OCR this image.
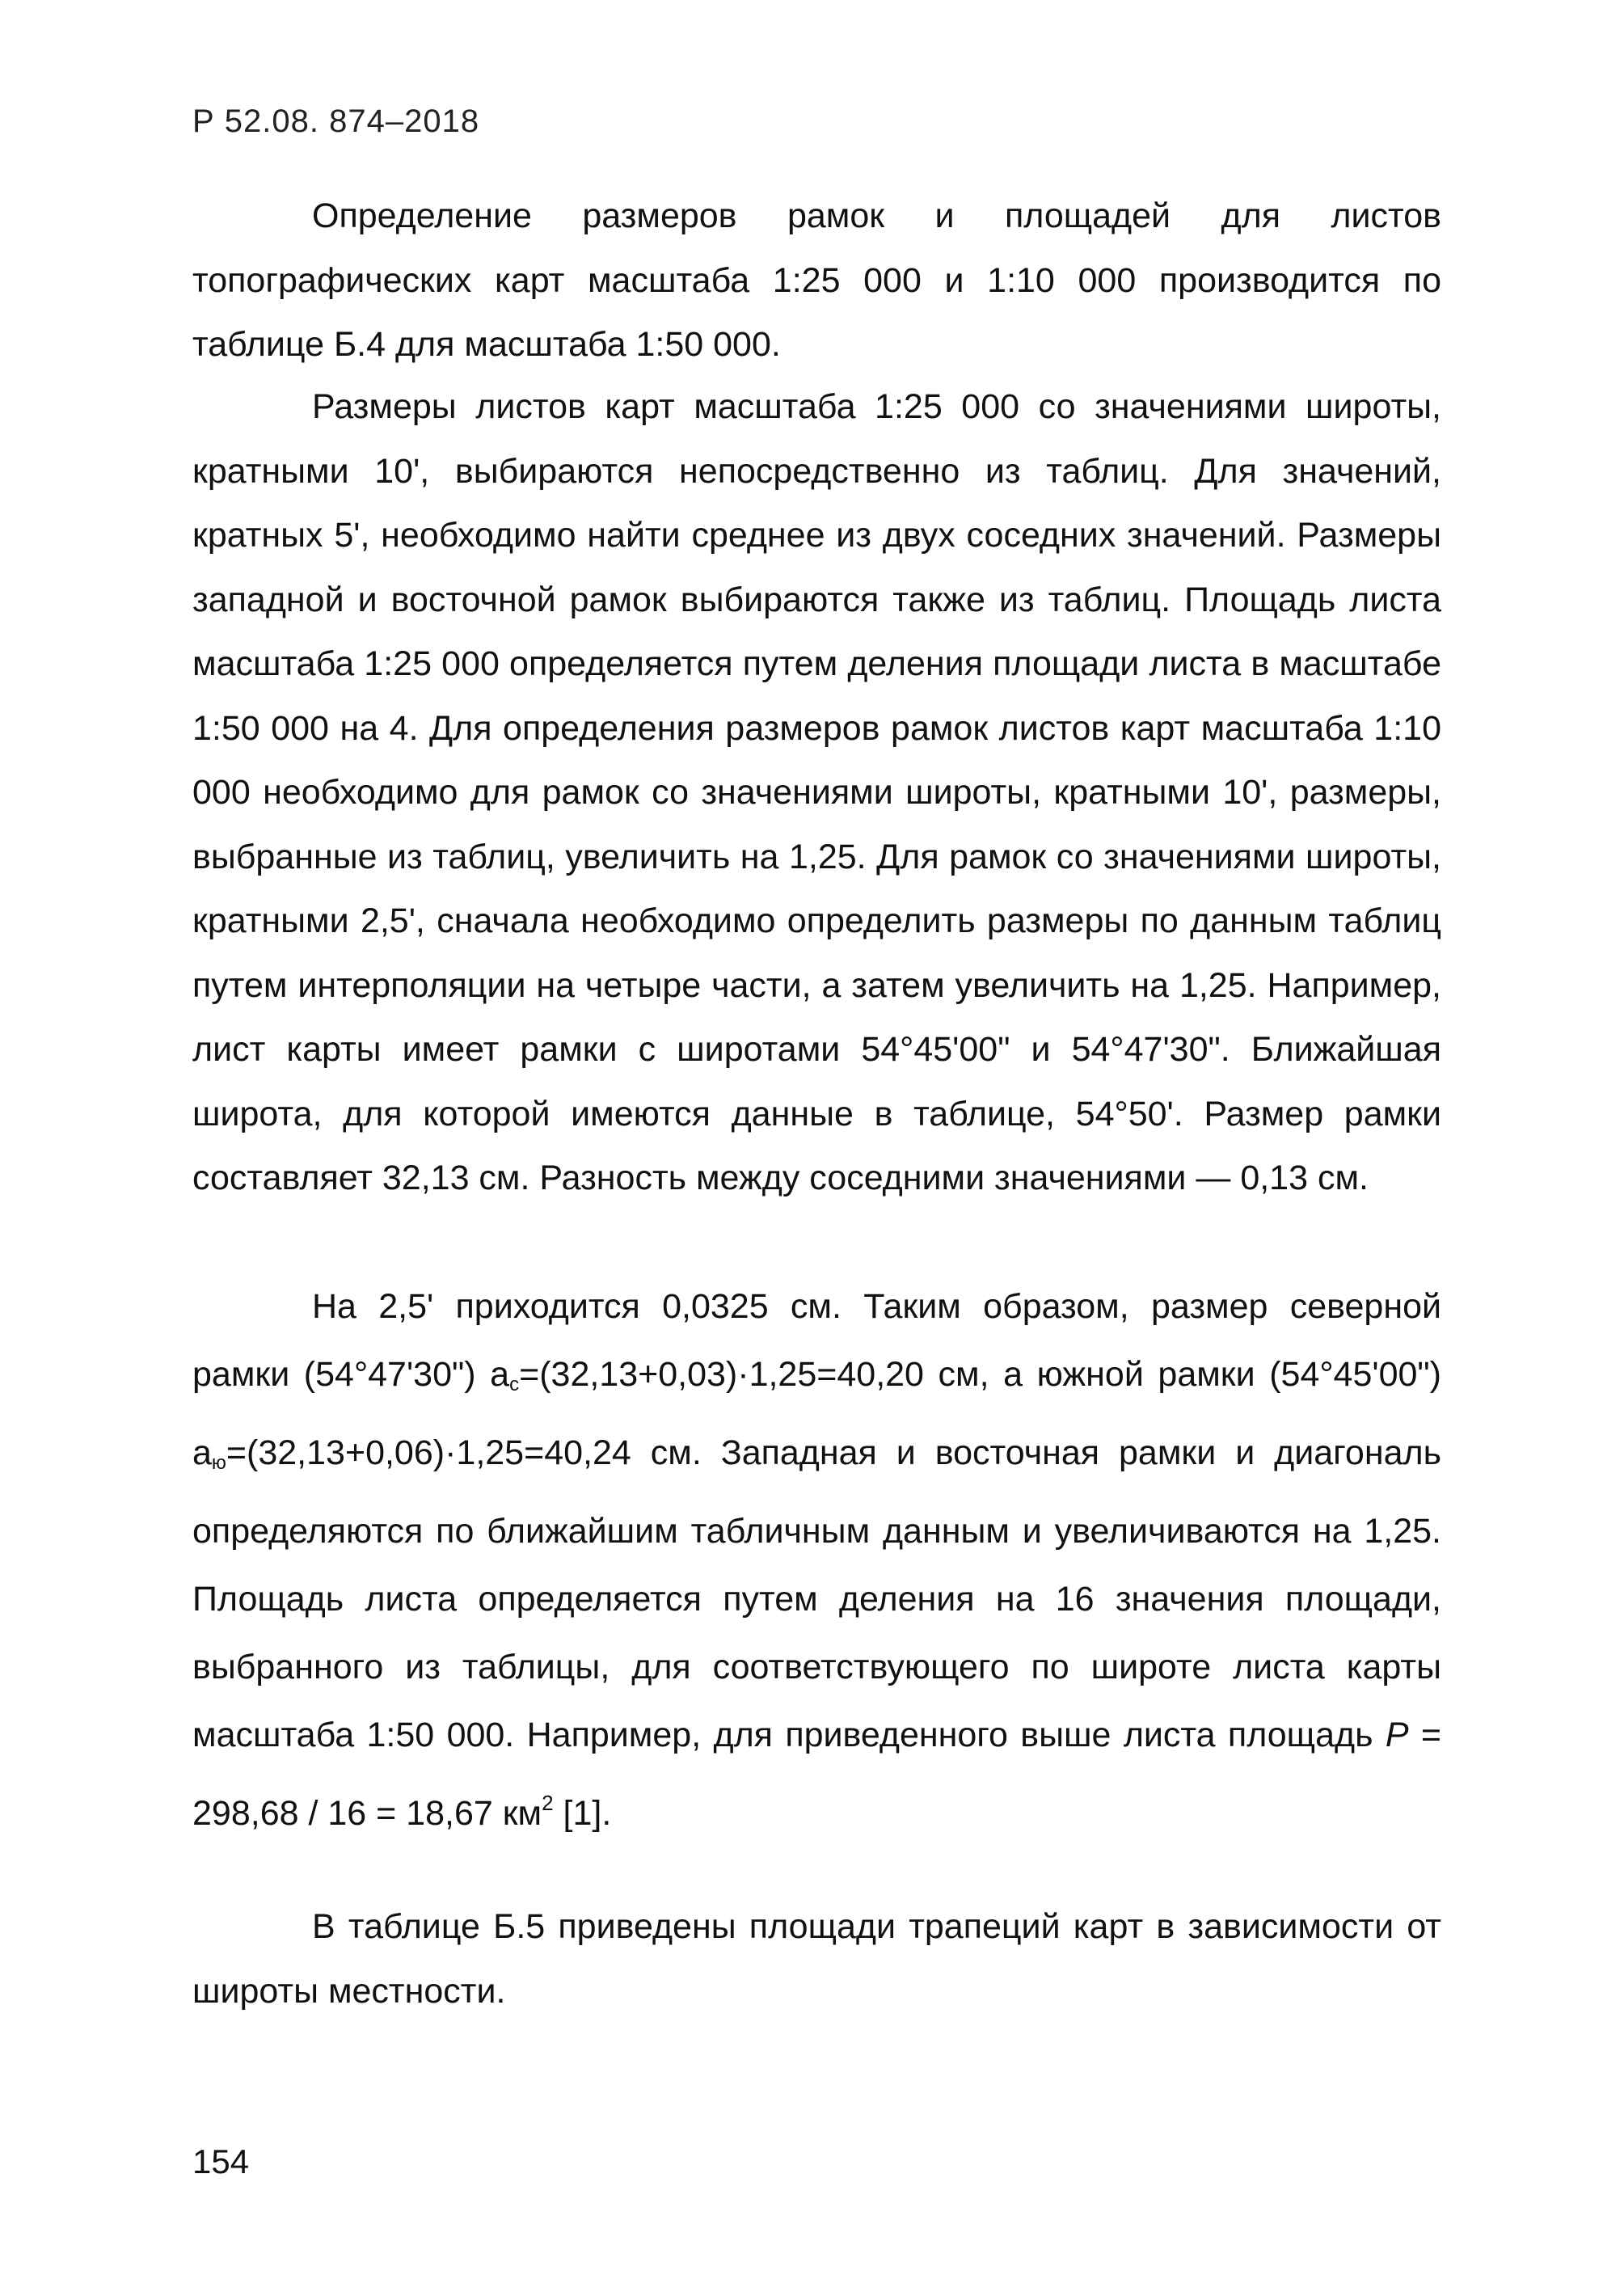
Р 52.08. 874–2018

Определение размеров рамок и площадей для листов топографических карт масштаба 1:25 000 и 1:10 000 производится по таблице Б.4 для масштаба 1:50 000.

Размеры листов карт масштаба 1:25 000 со значениями широты, кратными 10', выбираются непосредственно из таблиц. Для значений, кратных 5', необходимо найти среднее из двух соседних значений. Размеры западной и восточной рамок выбираются также из таблиц. Площадь листа масштаба 1:25 000 определяется путем деления площади листа в масштабе 1:50 000 на 4. Для определения размеров рамок листов карт масштаба 1:10 000 необходимо для рамок со значениями широты, кратными 10', размеры, выбранные из таблиц, увеличить на 1,25. Для рамок со значениями широты, кратными 2,5', сначала необходимо определить размеры по данным таблиц путем интерполяции на четыре части, а затем увеличить на 1,25. Например, лист карты имеет рамки с широтами 54°45'00" и 54°47'30". Ближайшая широта, для которой имеются данные в таблице, 54°50'. Размер рамки составляет 32,13 см. Разность между соседними значениями — 0,13 см.

На 2,5' приходится 0,0325 см. Таким образом, размер северной рамки (54°47'30") $a_с=(32,13+0,03)\cdot 1,25=40,20$ см, а южной рамки (54°45'00") $a_ю=(32,13+0,06)\cdot 1,25=40,24$ см. Западная и восточная рамки и диагональ определяются по ближайшим табличным данным и увеличиваются на 1,25. Площадь листа определяется путем деления на 16 значения площади, выбранного из таблицы, для соответствующего по широте листа карты масштаба 1:50 000. Например, для приведенного выше листа площадь P = 298,68 / 16 = 18,67 $км^2$ [1].

В таблице Б.5 приведены площади трапеций карт в зависимости от широты местности.

154
